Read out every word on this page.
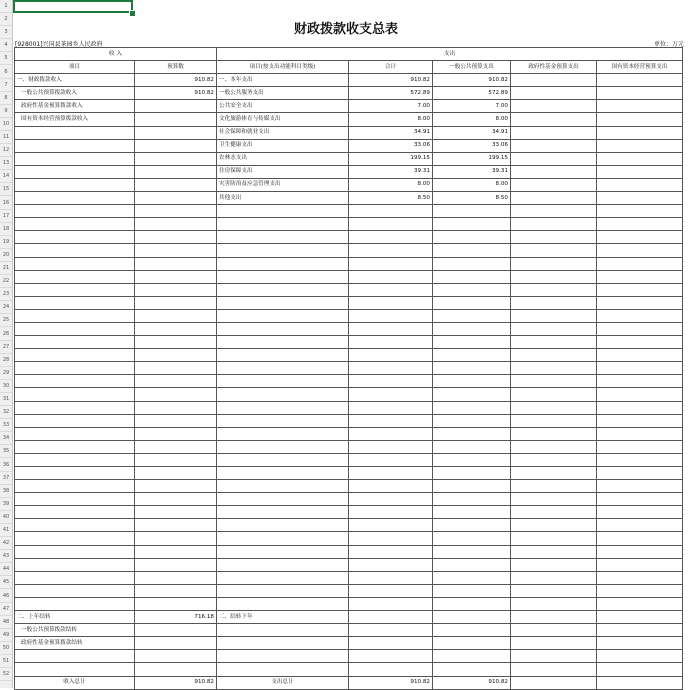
1
2
3
4
5
6
7
8
9
10
11
12
13
14
15
16
17
18
19
20
21
22
23
24
25
26
27
28
29
30
31
32
33
34
35
36
37
38
39
40
41
42
43
44
45
46
47
48
49
50
51
52
财政拨款收支总表
[928001]兴国县茶园乡人民政府	单位：万元
收 入		支出				
项目	预算数	项目(按支出功能科目类级)	合计	一般公共预算支出	政府性基金预算支出	国有资本经营预算支出
一、财政拨款收入	910.82	一、本年支出	910.82	910.82		
一般公共预算拨款收入	910.82	一般公共服务支出	572.89	572.89		
政府性基金预算拨款收入		公共安全支出	7.00	7.00		
国有资本经营预算拨款收入		文化旅游体育与传媒支出	8.00	8.00		
		社会保障和就业支出	34.91	34.91		
		卫生健康支出	33.06	33.06		
		农林水支出	199.15	199.15		
		住房保障支出	39.31	39.31		
		灾害防治及应急管理支出	8.00	8.00		
		其他支出	8.50	8.50		

二、上年结转	716.18	二、结转下年				
一般公共预算拨款结转						
政府性基金预算拨款结转						

收入总计	910.82	支出总计	910.82	910.82		
